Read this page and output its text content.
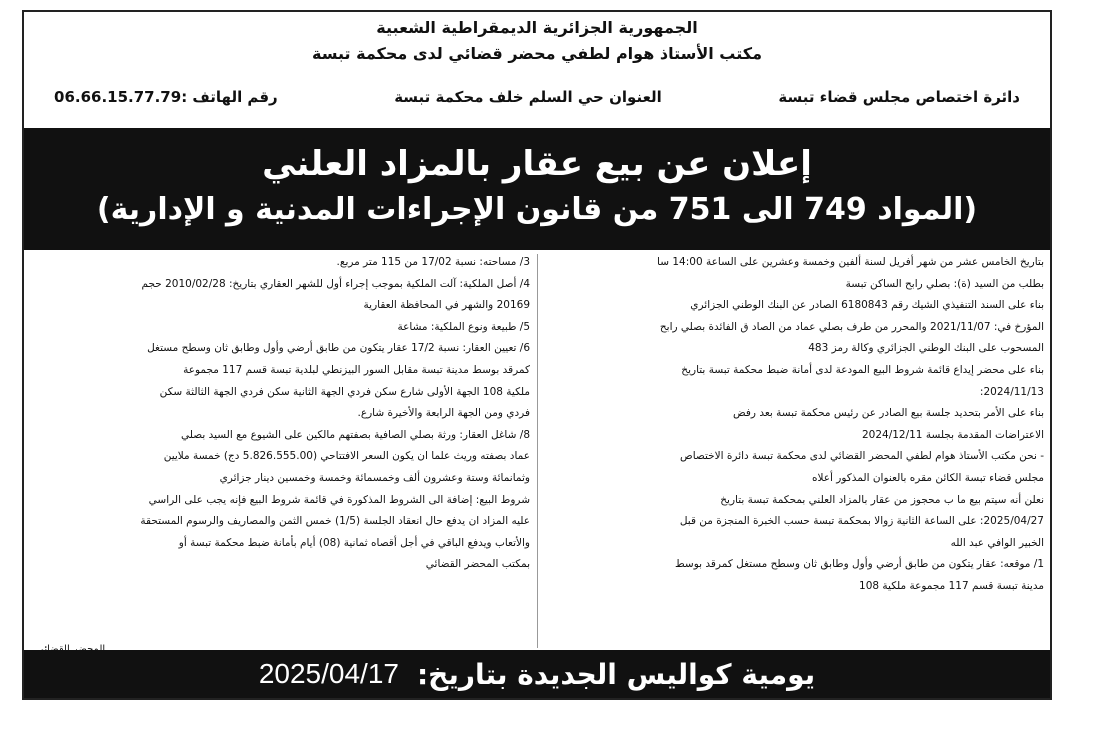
الجمهورية الجزائرية الديمقراطية الشعبية
مكتب الأستاذ هوام لطفي محضر قضائي لدى محكمة تبسة
دائرة اختصاص مجلس قضاء تبسة
العنوان حي السلم خلف محكمة تبسة
رقم الهاتف :06.66.15.77.79
إعلان عن بيع عقار بالمزاد العلني
(المواد 749 الى 751 من قانون الإجراءات المدنية و الإدارية)

بتاريخ الخامس عشر من شهر أفريل لسنة ألفين وخمسة وعشرين على الساعة 14:00 سا

بطلب من السيد (ة): بصلي رابح الساكن تبسة

بناء على السند التنفيذي الشيك رقم 6180843 الصادر عن البنك الوطني الجزائري

المؤرخ في: 2021/11/07 والمحرر من طرف بصلي عماد من الصاد ق الفائدة بصلي رابح

المسحوب على البنك الوطني الجزائري وكالة رمز 483

بناء على محضر إيداع قائمة شروط البيع المودعة لدى أمانة ضبط محكمة تبسة بتاريخ

2024/11/13:

بناء على الأمر بتحديد جلسة بيع الصادر عن رئيس محكمة تبسة بعد رفض

الاعتراضات المقدمة بجلسة 2024/12/11

- نحن مكتب الأستاذ هوام لطفي المحضر القضائي لدى محكمة تبسة دائرة الاختصاص

مجلس قضاء تبسة الكائن مقره بالعنوان المذكور أعلاه

نعلن أنه سيتم بيع ما ب محجوز من عقار بالمزاد العلني بمحكمة تبسة بتاريخ

2025/04/27: على الساعة الثانية زوالا بمحكمة تبسة حسب الخبرة المنجزة من قبل

الخبير الوافي عبد الله

1/ موقعه: عقار يتكون من طابق أرضي وأول وطابق ثان وسطح مستغل كمرقد بوسط

مدينة تبسة قسم 117 مجموعة ملكية 108

3/ مساحته: نسبة 17/02 من 115 متر مربع.

4/ أصل الملكية: آلت الملكية بموجب إجراء أول للشهر العقاري بتاريخ: 2010/02/28 حجم

20169 والشهر في المحافظة العقارية

5/ طبيعة ونوع الملكية: مشاعة

6/ تعيين العقار: نسبة 17/2 عقار يتكون من طابق أرضي وأول وطابق ثان وسطح مستغل

كمرقد بوسط مدينة تبسة مقابل السور البيزنطي لبلدية تبسة قسم 117 مجموعة

ملكية 108 الجهة الأولى شارع سكن فردي الجهة الثانية سكن فردي الجهة الثالثة سكن

فردي ومن الجهة الرابعة والأخيرة شارع.

8/ شاغل العقار: ورثة بصلي الصافية بصفتهم مالكين على الشيوع مع السيد بصلي

عماد بصفته وريث علما ان يكون السعر الافتتاحي (5.826.555.00 دج) خمسة ملايين

وثمانمائة وستة وعشرون ألف وخمسمائة وخمسة وخمسين دينار جزائري

شروط البيع: إضافة الى الشروط المذكورة في قائمة شروط البيع فإنه يجب على الراسي

عليه المزاد ان يدفع حال انعقاد الجلسة (1/5) خمس الثمن والمصاريف والرسوم المستحقة

والأتعاب ويدفع الباقي في أجل أقصاه ثمانية (08) أيام بأمانة ضبط محكمة تبسة أو

بمكتب المحضر القضائي

يومية كواليس الجديدة بتاريخ:
2025/04/17
